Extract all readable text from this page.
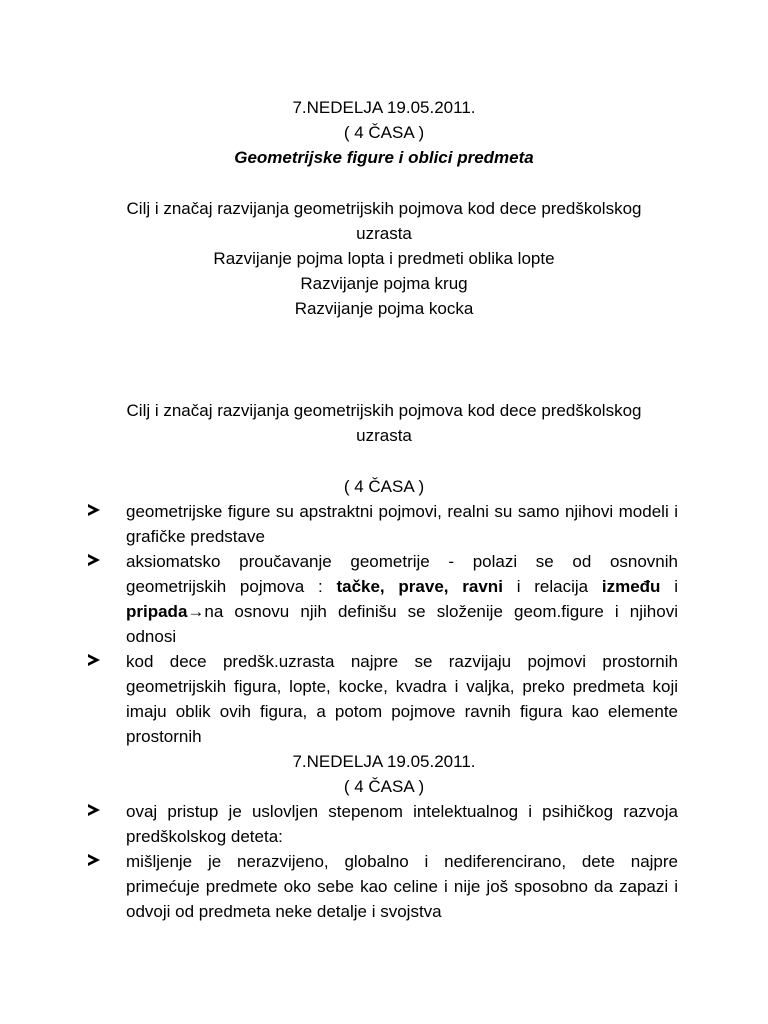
7.NEDELJA 19.05.2011.
( 4 ČASA )
Geometrijske figure i oblici predmeta
Cilj i značaj razvijanja geometrijskih pojmova kod dece predškolskog
uzrasta
Razvijanje pojma lopta i predmeti oblika lopte
Razvijanje pojma krug
Razvijanje pojma kocka
Cilj i značaj razvijanja geometrijskih pojmova kod dece predškolskog
uzrasta
( 4 ČASA )
geometrijske figure su apstraktni pojmovi, realni su samo njihovi modeli i grafičke predstave
aksiomatsko proučavanje geometrije - polazi se od osnovnih geometrijskih pojmova : tačke, prave, ravni i relacija između i pripada→na osnovu njih definišu se složenije geom.figure i njihovi odnosi
kod dece predšk.uzrasta najpre se razvijaju pojmovi prostornih geometrijskih figura, lopte, kocke, kvadra i valjka, preko predmeta koji imaju oblik ovih figura, a potom pojmove ravnih figura kao elemente prostornih
7.NEDELJA 19.05.2011.
( 4 ČASA )
ovaj pristup je uslovljen stepenom intelektualnog i psihičkog razvoja predškolskog deteta:
mišljenje je nerazvijeno, globalno i nediferencirano, dete najpre primećuje predmete oko sebe kao celine i nije još sposobno da zapazi i odvoji od predmeta neke detalje i svojstva
